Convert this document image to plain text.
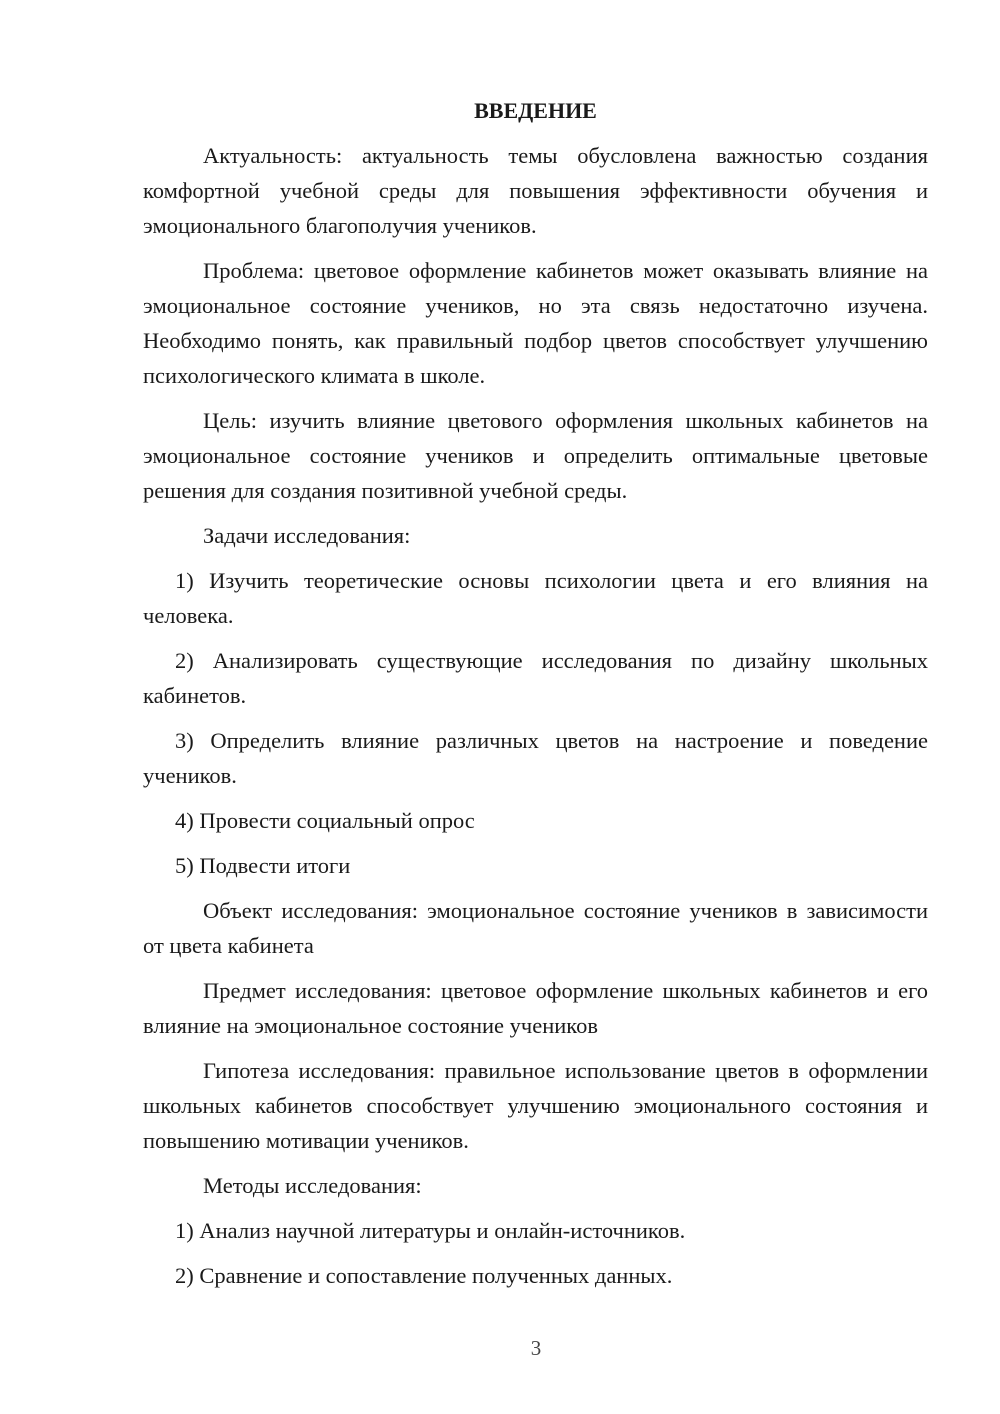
ВВЕДЕНИЕ

Актуальность: актуальность темы обусловлена важностью создания комфортной учебной среды для повышения эффективности обучения и эмоционального благополучия учеников.

Проблема: цветовое оформление кабинетов может оказывать влияние на эмоциональное состояние учеников, но эта связь недостаточно изучена. Необходимо понять, как правильный подбор цветов способствует улучшению психологического климата в школе.

Цель: изучить влияние цветового оформления школьных кабинетов на эмоциональное состояние учеников и определить оптимальные цветовые решения для создания позитивной учебной среды.

Задачи исследования:

1) Изучить теоретические основы психологии цвета и его влияния на человека.

2) Анализировать существующие исследования по дизайну школьных кабинетов.

3) Определить влияние различных цветов на настроение и поведение учеников.

4) Провести социальный опрос

5) Подвести итоги

Объект исследования: эмоциональное состояние учеников в зависимости от цвета кабинета

Предмет исследования: цветовое оформление школьных кабинетов и его влияние на эмоциональное состояние учеников

Гипотеза исследования: правильное использование цветов в оформлении школьных кабинетов способствует улучшению эмоционального состояния и повышению мотивации учеников.

Методы исследования:

1) Анализ научной литературы и онлайн-источников.

2) Сравнение и сопоставление полученных данных.

3
